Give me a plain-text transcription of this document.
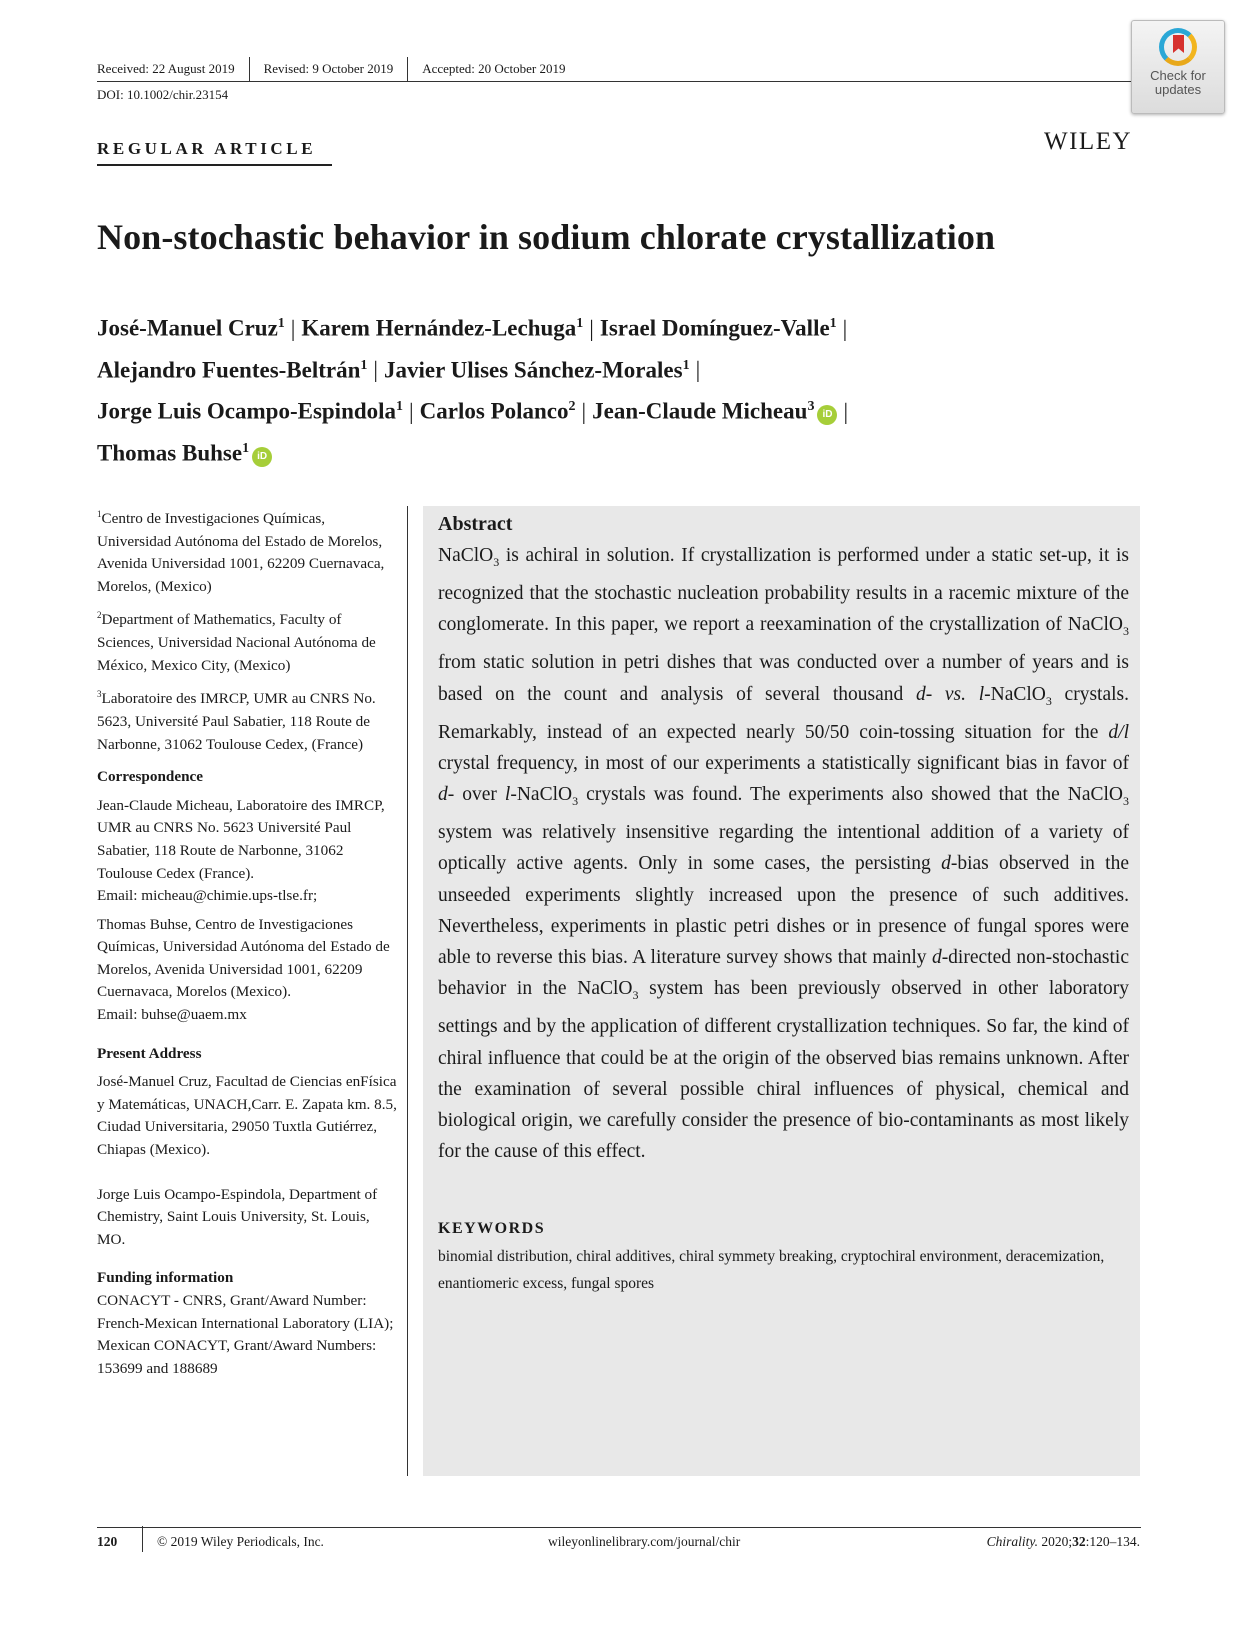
Received: 22 August 2019 Revised: 9 October 2019 Accepted: 20 October 2019
DOI: 10.1002/chir.23154
Check for
updates
REGULAR ARTICLE	WILEY
Non-stochastic behavior in sodium chlorate crystallization
José-Manuel Cruz$^1$ | Karem Hernández-Lechuga$^1$ | Israel Domínguez-Valle$^1$ |
Alejandro Fuentes-Beltrán$^1$ | Javier Ulises Sánchez-Morales$^1$ |
Jorge Luis Ocampo-Espindola$^1$ | Carlos Polanco$^2$ | Jean-Claude Micheau$^3$iD |
Thomas Buhse$^1$iD

$^1$Centro de Investigaciones Químicas, Universidad Autónoma del Estado de Morelos, Avenida Universidad 1001, 62209 Cuernavaca, Morelos, (Mexico)

$^2$Department of Mathematics, Faculty of Sciences, Universidad Nacional Autónoma de México, Mexico City, (Mexico)

$^3$Laboratoire des IMRCP, UMR au CNRS No. 5623, Université Paul Sabatier, 118 Route de Narbonne, 31062 Toulouse Cedex, (France)

Correspondence

Jean-Claude Micheau, Laboratoire des IMRCP, UMR au CNRS No. 5623 Université Paul Sabatier, 118 Route de Narbonne, 31062 Toulouse Cedex (France).

Email: micheau@chimie.ups-tlse.fr;

Thomas Buhse, Centro de Investigaciones Químicas, Universidad Autónoma del Estado de Morelos, Avenida Universidad 1001, 62209 Cuernavaca, Morelos (Mexico).

Email: buhse@uaem.mx

Present Address

José-Manuel Cruz, Facultad de Ciencias enFísica y Matemáticas, UNACH,Carr. E. Zapata km. 8.5, Ciudad Universitaria, 29050 Tuxtla Gutiérrez, Chiapas (Mexico).

Jorge Luis Ocampo-Espindola, Department of Chemistry, Saint Louis University, St. Louis, MO.

Funding information

CONACYT - CNRS, Grant/Award Number: French-Mexican International Laboratory (LIA); Mexican CONACYT, Grant/Award Numbers: 153699 and 188689

Abstract

NaClO$_3$ is achiral in solution. If crystallization is performed under a static set-up, it is recognized that the stochastic nucleation probability results in a racemic mixture of the conglomerate. In this paper, we report a reexamination of the crystallization of NaClO$_3$ from static solution in petri dishes that was conducted over a number of years and is based on the count and analysis of several thousand d- vs. l-NaClO$_3$ crystals. Remarkably, instead of an expected nearly 50/50 coin-tossing situation for the d/l crystal frequency, in most of our experiments a statistically significant bias in favor of d- over l-NaClO$_3$ crystals was found. The experiments also showed that the NaClO$_3$ system was relatively insensitive regarding the intentional addition of a variety of optically active agents. Only in some cases, the persisting d-bias observed in the unseeded experiments slightly increased upon the presence of such additives. Nevertheless, experiments in plastic petri dishes or in presence of fungal spores were able to reverse this bias. A literature survey shows that mainly d-directed non-stochastic behavior in the NaClO$_3$ system has been previously observed in other laboratory settings and by the application of different crystallization techniques. So far, the kind of chiral influence that could be at the origin of the observed bias remains unknown. After the examination of several possible chiral influences of physical, chemical and biological origin, we carefully consider the presence of bio-contaminants as most likely for the cause of this effect.

KEYWORDS
binomial distribution, chiral additives, chiral symmety breaking, cryptochiral environment, deracemization, enantiomeric excess, fungal spores
120	© 2019 Wiley Periodicals, Inc.	wileyonlinelibrary.com/journal/chir	Chirality. 2020;32:120–134.
